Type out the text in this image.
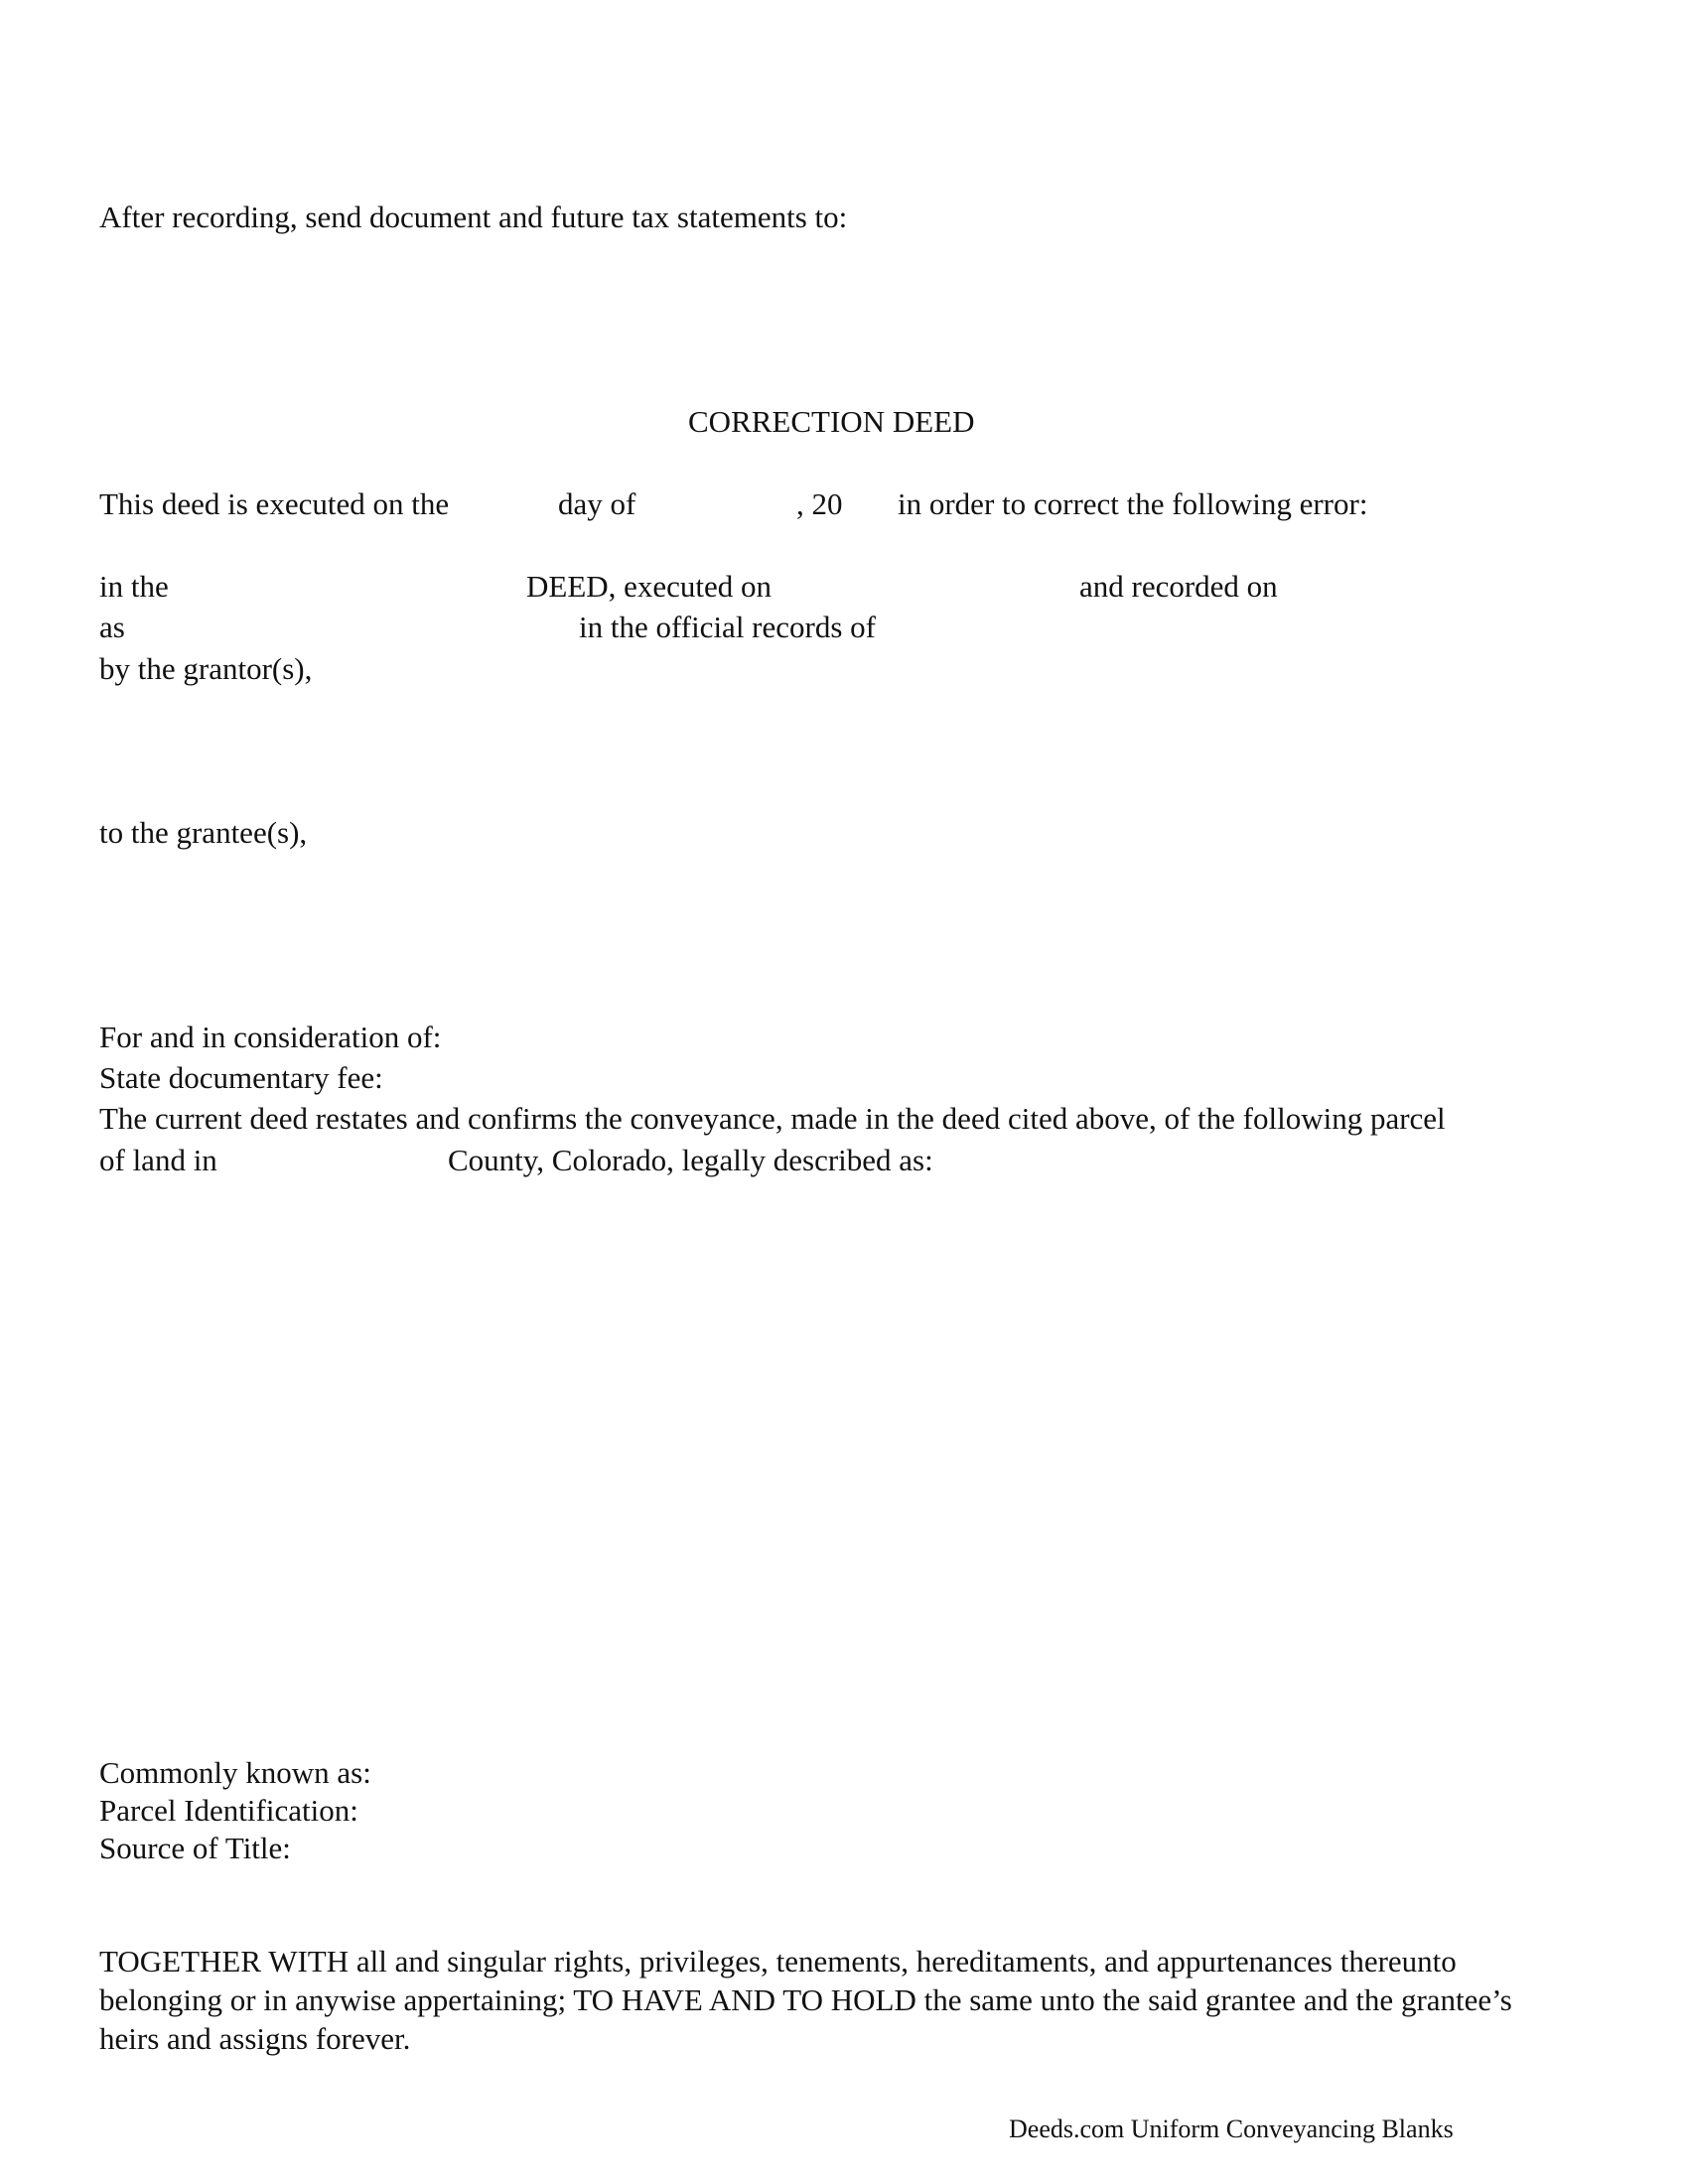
After recording, send document and future tax statements to:
CORRECTION DEED
This deed is executed on the	day of	, 20 in order to correct the following error:
in the	DEED, executed on	and recorded on
as	in the official records of
by the grantor(s),
to the grantee(s),
For and in consideration of:
State documentary fee:
The current deed restates and confirms the conveyance, made in the deed cited above, of the following parcel
of land in	County, Colorado, legally described as:
Commonly known as:
Parcel Identification:
Source of Title:
TOGETHER WITH all and singular rights, privileges, tenements, hereditaments, and appurtenances thereunto belonging or in anywise appertaining; TO HAVE AND TO HOLD the same unto the said grantee and the grantee’s heirs and assigns forever.
Deeds.com Uniform Conveyancing Blanks
